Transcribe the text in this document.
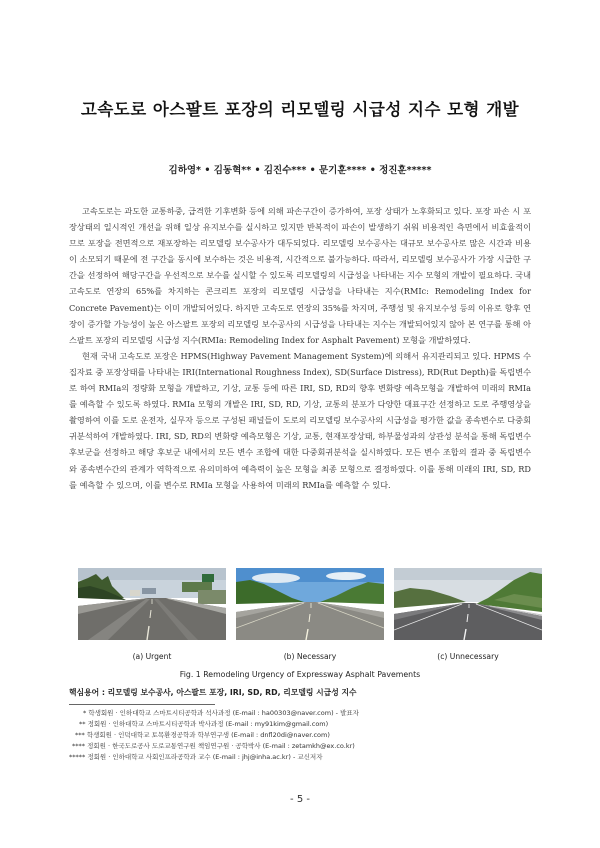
고속도로 아스팔트 포장의 리모델링 시급성 지수 모형 개발
김하영* • 김동혁** • 김진수*** • 문기훈**** • 정진훈*****

고속도로는 과도한 교통하중, 급격한 기후변화 등에 의해 파손구간이 증가하여, 포장 상태가 노후화되고 있다. 포장 파손 시 포장상태의 일시적인 개선을 위해 일상 유지보수를 실시하고 있지만 반복적이 파손이 발생하기 쉬워 비용적인 측면에서 비효율적이므로 포장을 전면적으로 재포장하는 리모델링 보수공사가 대두되었다. 리모델링 보수공사는 대규모 보수공사로 많은 시간과 비용이 소모되기 때문에 전 구간을 동시에 보수하는 것은 비용적, 시간적으로 불가능하다. 따라서, 리모델링 보수공사가 가장 시급한 구간을 선정하여 해당구간을 우선적으로 보수를 실시할 수 있도록 리모델링의 시급성을 나타내는 지수 모형의 개발이 필요하다. 국내 고속도로 연장의 65%를 차지하는 콘크리트 포장의 리모델링 시급성을 나타내는 지수(RMIc: Remodeling Index for Concrete Pavement)는 이미 개발되어있다. 하지만 고속도로 연장의 35%를 차지며, 주행성 및 유지보수성 등의 이유로 향후 연장이 증가할 가능성이 높은 아스팔트 포장의 리모델링 보수공사의 시급성을 나타내는 지수는 개발되어있지 않아 본 연구를 통해 아스팔트 포장의 리모델링 시급성 지수(RMIa: Remodeling Index for Asphalt Pavement) 모형을 개발하였다.

현재 국내 고속도로 포장은 HPMS(Highway Pavement Management System)에 의해서 유지관리되고 있다. HPMS 수집자료 중 포장상태를 나타내는 IRI(International Roughness Index), SD(Surface Distress), RD(Rut Depth)를 독립변수로 하여 RMIa의 정량화 모형을 개발하고, 기상, 교통 등에 따른 IRI, SD, RD의 향후 변화량 예측모형을 개발하여 미래의 RMIa를 예측할 수 있도록 하였다. RMIa 모형의 개발은 IRI, SD, RD, 기상, 교통의 분포가 다양한 대표구간 선정하고 도로 주행영상을 촬영하여 이를 도로 운전자, 실무자 등으로 구성된 패널들이 도로의 리모델링 보수공사의 시급성을 평가한 값을 종속변수로 다중회귀분석하여 개발하였다. IRI, SD, RD의 변화량 예측모형은 기상, 교통, 현재포장상태, 하부물성과의 상관성 분석을 통해 독립변수 후보군을 선정하고 해당 후보군 내에서의 모든 변수 조합에 대한 다중회귀분석을 실시하였다. 모든 변수 조합의 결과 중 독립변수와 종속변수간의 관계가 역학적으로 유의미하여 예측력이 높은 모형을 최종 모형으로 결정하였다. 이를 통해 미래의 IRI, SD, RD를 예측할 수 있으며, 이를 변수로 RMIa 모형을 사용하여 미래의 RMIa를 예측할 수 있다.

(a) Urgent	(b) Necessary	(c) Unnecessary
Fig. 1 Remodeling Urgency of Expressway Asphalt Pavements
핵심용어 : 리모델링 보수공사, 아스팔트 포장, IRI, SD, RD, 리모델링 시급성 지수
* 학생회원 · 인하대학교 스마트시티공학과 석사과정 (E-mail : ha00303@naver.com) - 발표자
** 정회원 · 인하대학교 스마트시티공학과 박사과정 (E-mail : my91kim@gmail.com)
*** 학생회원 · 인덕대학교 토목환경공학과 학부연구생 (E-mail : dnfl20di@naver.com)
**** 정회원 · 한국도로공사 도로교통연구원 책임연구원 · 공학박사 (E-mail : zetamkh@ex.co.kr)
***** 정회원 · 인하대학교 사회인프라공학과 교수 (E-mail : jhj@inha.ac.kr) - 교신저자
- 5 -
